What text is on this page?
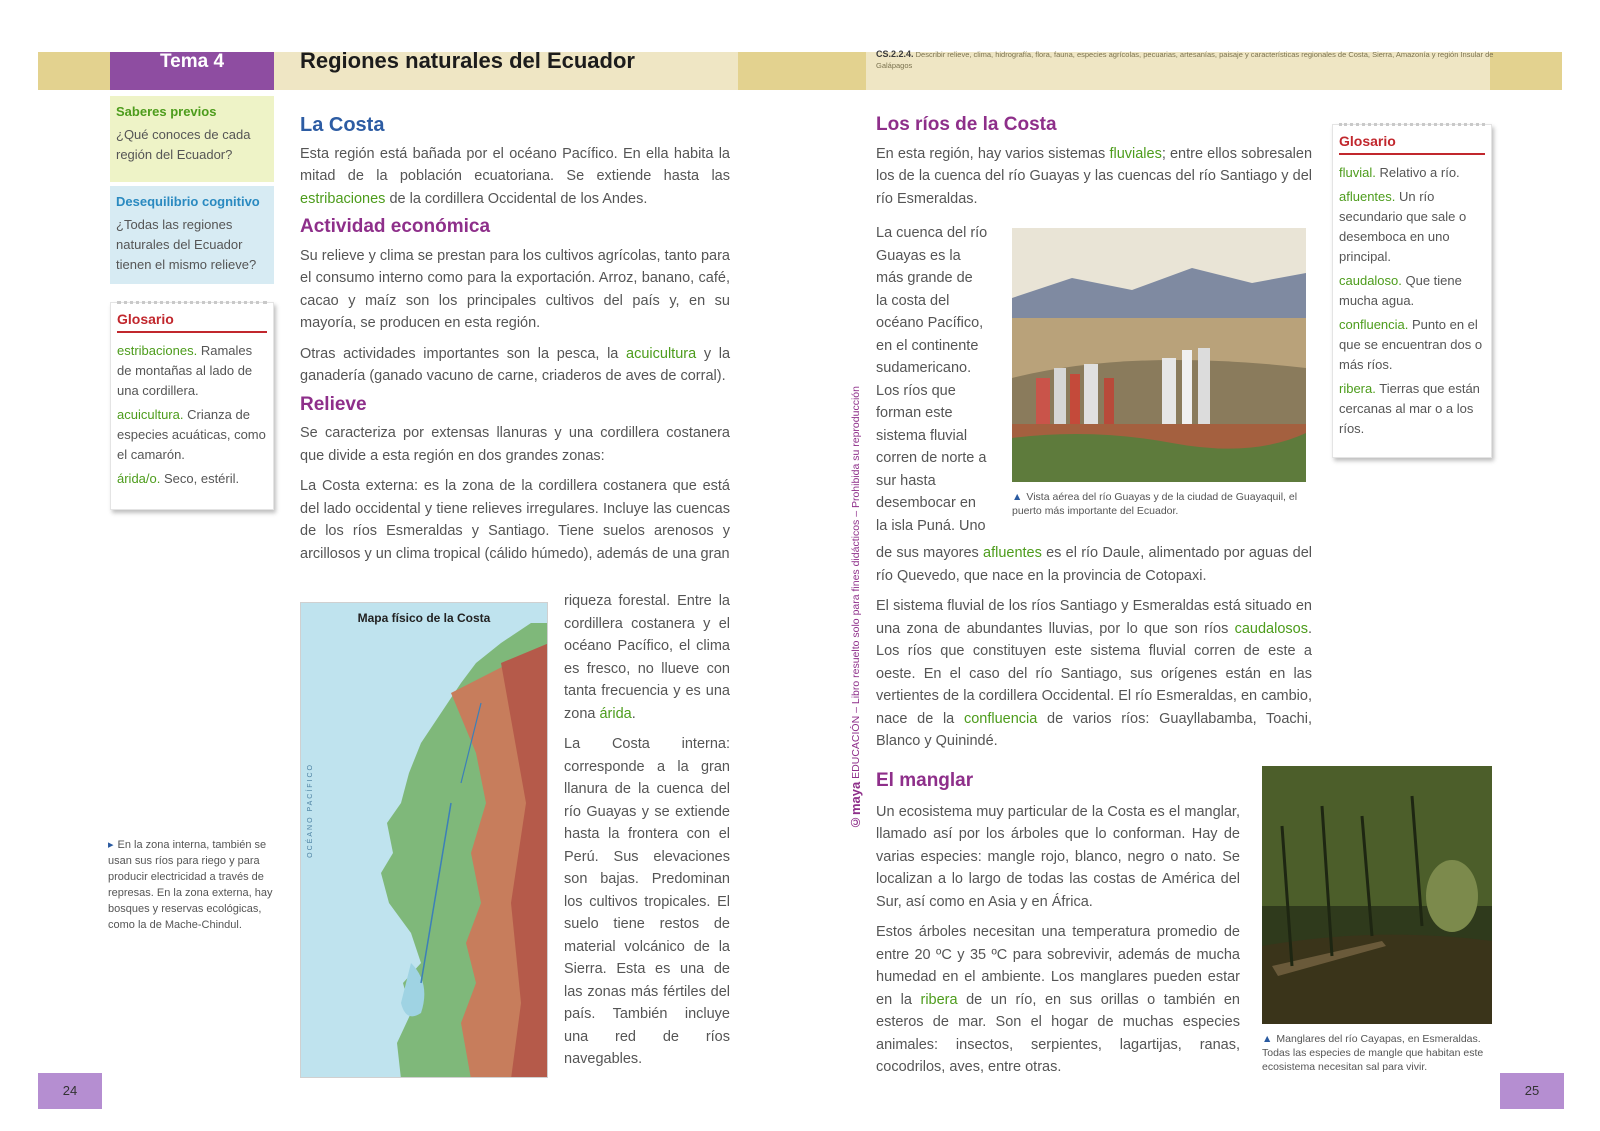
Tema 4	Regiones naturales del Ecuador	CS.2.2.4. Describir relieve, clima, hidrografía, flora, fauna, especies agrícolas, pecuarias, artesanías, paisaje y características regionales de Costa, Sierra, Amazonía y región Insular de Galápagos
Saberes previos
¿Qué conoces de cada región del Ecuador?
Desequilibrio cognitivo
¿Todas las regiones naturales del Ecuador tienen el mismo relieve?
Glosario
estribaciones. Ramales de montañas al lado de una cordillera.
acuicultura. Crianza de especies acuáticas, como el camarón.
árida/o. Seco, estéril.
▸ En la zona interna, también se usan sus ríos para riego y para producir electricidad a través de represas. En la zona externa, hay bosques y reservas ecológicas, como la de Mache-Chindul.
La Costa

Esta región está bañada por el océano Pacífico. En ella habita la mitad de la población ecuatoriana. Se extiende hasta las estribaciones de la cordillera Occidental de los Andes.

Actividad económica

Su relieve y clima se prestan para los cultivos agrícolas, tanto para el consumo interno como para la exportación. Arroz, banano, café, cacao y maíz son los principales cultivos del país y, en su mayoría, se producen en esta región.

Otras actividades importantes son la pesca, la acuicultura y la ganadería (ganado vacuno de carne, criaderos de aves de corral).

Relieve

Se caracteriza por extensas llanuras y una cordillera costanera que divide a esta región en dos grandes zonas:

La Costa externa: es la zona de la cordillera costanera que está del lado occidental y tiene relieves irregulares. Incluye las cuencas de los ríos Esmeraldas y Santiago. Tiene suelos arenosos y arcillosos y un clima tropical (cálido húmedo), además de una gran

riqueza forestal. Entre la cordillera costanera y el océano Pacífico, el clima es fresco, no llueve con tanta frecuencia y es una zona árida.

La Costa interna: corresponde a la gran llanura de la cuenca del río Guayas y se extiende hasta la frontera con el Perú. Sus elevaciones son bajas. Predominan los cultivos tropicales. El suelo tiene restos de material volcánico de la Sierra. Esta es una de las zonas más fértiles del país. También incluye una red de ríos navegables.

Mapa físico de la Costa
OCÉANO PACÍFICO	©maya EDUCACIÓN – Libro resuelto solo para fines didácticos – Prohibida su reproducción
Los ríos de la Costa

En esta región, hay varios sistemas fluviales; entre ellos sobresalen los de la cuenca del río Guayas y las cuencas del río Santiago y del río Esmeraldas.

La cuenca del río Guayas es la más grande de la costa del océano Pacífico, en el continente sudamericano. Los ríos que forman este sistema fluvial corren de norte a sur hasta desembocar en la isla Puná. Uno

▲ Vista aérea del río Guayas y de la ciudad de Guayaquil, el puerto más importante del Ecuador.

de sus mayores afluentes es el río Daule, alimentado por aguas del río Quevedo, que nace en la provincia de Cotopaxi.

El sistema fluvial de los ríos Santiago y Esmeraldas está situado en una zona de abundantes lluvias, por lo que son ríos caudalosos. Los ríos que constituyen este sistema fluvial corren de este a oeste. En el caso del río Santiago, sus orígenes están en las vertientes de la cordillera Occidental. El río Esmeraldas, en cambio, nace de la confluencia de varios ríos: Guayllabamba, Toachi, Blanco y Quinindé.

El manglar

Un ecosistema muy particular de la Costa es el manglar, llamado así por los árboles que lo conforman. Hay de varias especies: mangle rojo, blanco, negro o nato. Se localizan a lo largo de todas las costas de América del Sur, así como en Asia y en África.

Estos árboles necesitan una temperatura promedio de entre 20 ºC y 35 ºC para sobrevivir, además de mucha humedad en el ambiente. Los manglares pueden estar en la ribera de un río, en sus orillas o también en esteros de mar. Son el hogar de muchas especies animales: insectos, serpientes, lagartijas, ranas, cocodrilos, aves, entre otras.

▲ Manglares del río Cayapas, en Esmeraldas. Todas las especies de mangle que habitan este ecosistema necesitan sal para vivir.
Glosario
fluvial. Relativo a río.
afluentes. Un río secundario que sale o desemboca en uno principal.
caudaloso. Que tiene mucha agua.
confluencia. Punto en el que se encuentran dos o más ríos.
ribera. Tierras que están cercanas al mar o a los ríos.
24	25
